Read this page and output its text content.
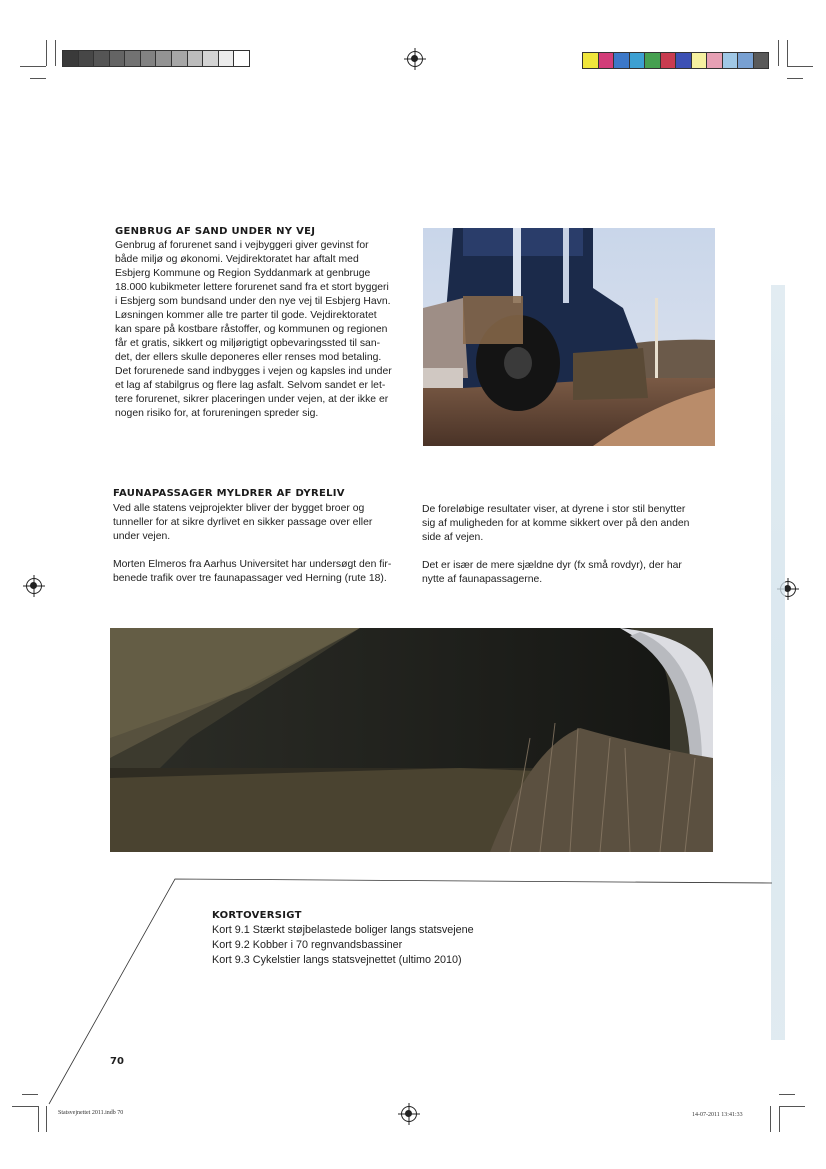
GENBRUG AF SAND UNDER NY VEJ
Genbrug af forurenet sand i vejbyggeri giver gevinst for
både miljø og økonomi. Vejdirektoratet har aftalt med
Esbjerg Kommune og Region Syddanmark at genbruge
18.000 kubikmeter lettere forurenet sand fra et stort byggeri
i Esbjerg som bundsand under den nye vej til Esbjerg Havn.
Løsningen kommer alle tre parter til gode. Vejdirektoratet
kan spare på kostbare råstoffer, og kommunen og regionen
får et gratis, sikkert og miljørigtigt opbevaringssted til san-
det, der ellers skulle deponeres eller renses mod betaling.
Det forurenede sand indbygges i vejen og kapsles ind under
et lag af stabilgrus og flere lag asfalt. Selvom sandet er let-
tere forurenet, sikrer placeringen under vejen, at der ikke er
nogen risiko for, at forureningen spreder sig.
FAUNAPASSAGER MYLDRER AF DYRELIV
Ved alle statens vejprojekter bliver der bygget broer og
tunneller for at sikre dyrlivet en sikker passage over eller
under vejen.
Morten Elmeros fra Aarhus Universitet har undersøgt den fir-
benede trafik over tre faunapassager ved Herning (rute 18).
De foreløbige resultater viser, at dyrene i stor stil benytter
sig af muligheden for at komme sikkert over på den anden
side af vejen.
Det er især de mere sjældne dyr (fx små rovdyr), der har
nytte af faunapassagerne.
KORTOVERSIGT
Kort 9.1 Stærkt støjbelastede boliger langs statsvejene
Kort 9.2 Kobber i 70 regnvandsbassiner
Kort 9.3 Cykelstier langs statsvejnettet (ultimo 2010)
70
Statsvejnettet 2011.indb 70	14-07-2011 13:41:33
